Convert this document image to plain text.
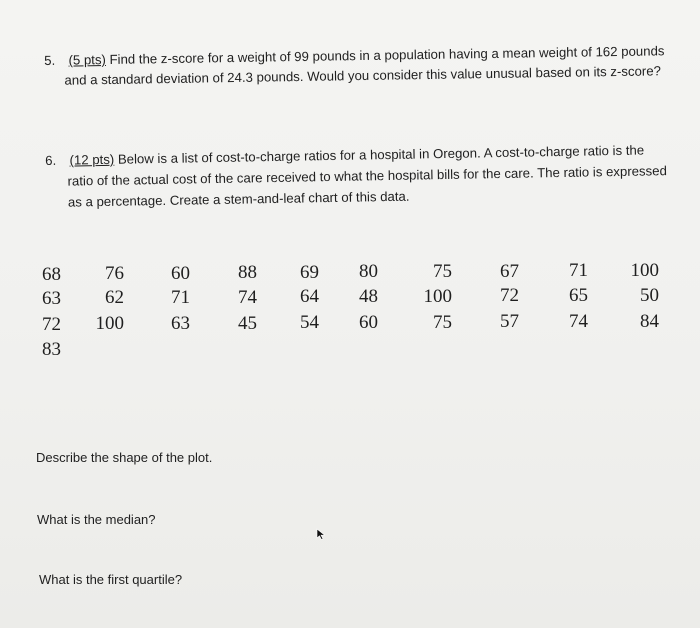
5. (5 pts) Find the z-score for a weight of 99 pounds in a population having a mean weight of 162 pounds
and a standard deviation of 24.3 pounds. Would you consider this value unusual based on its z-score?
6. (12 pts) Below is a list of cost-to-charge ratios for a hospital in Oregon. A cost-to-charge ratio is the
ratio of the actual cost of the care received to what the hospital bills for the care. The ratio is expressed
as a percentage. Create a stem-and-leaf chart of this data.
68	76	60	88	69	80	75	67	71	100
63	62	71	74	64	48	100	72	65	50
72	100	63	45	54	60	75	57	74	84
83
Describe the shape of the plot.
What is the median?
What is the first quartile?
